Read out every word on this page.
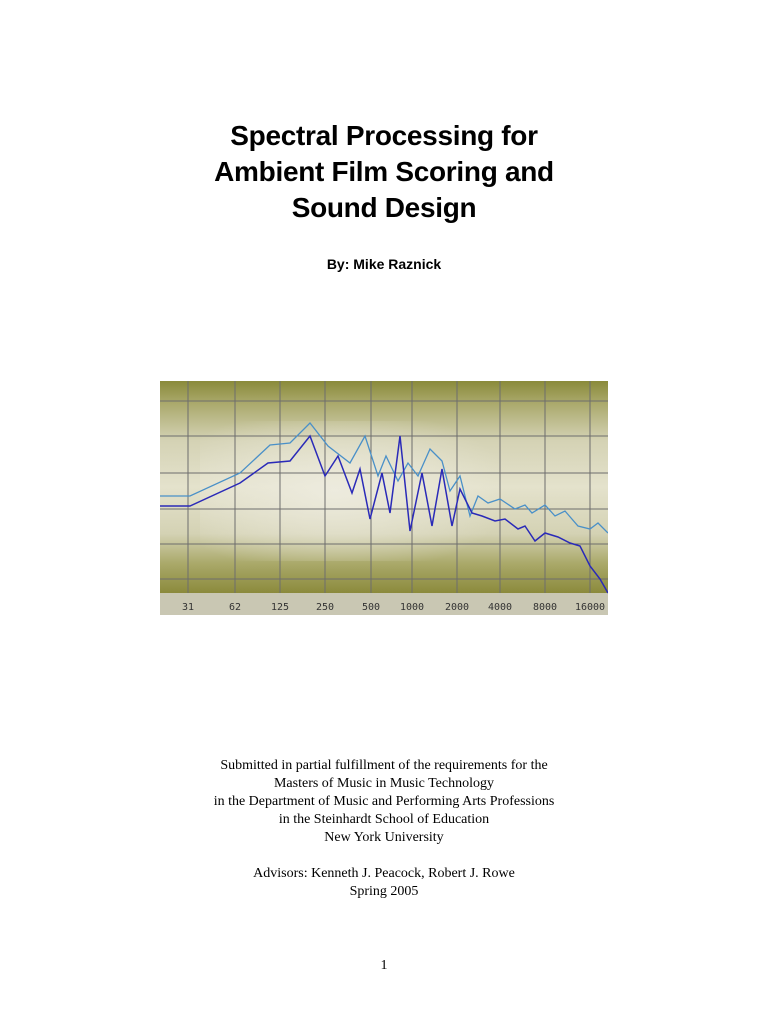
Spectral Processing for
Ambient Film Scoring and
Sound Design
By: Mike Raznick
31	62	125	250	500 1000 2000 4000 8000 16000
Submitted in partial fulfillment of the requirements for the
Masters of Music in Music Technology
in the Department of Music and Performing Arts Professions
in the Steinhardt School of Education
New York University
Advisors: Kenneth J. Peacock, Robert J. Rowe
Spring 2005
1
